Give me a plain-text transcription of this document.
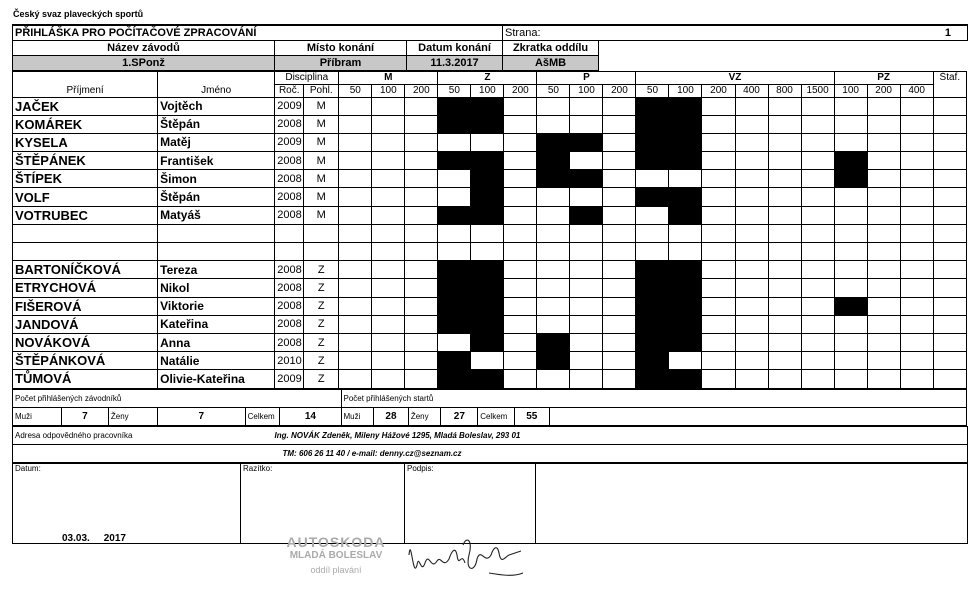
Český svaz plaveckých sportů
PŘIHLÁŠKA PRO POČÍTAČOVÉ ZPRACOVÁNÍ			Strana: 1	

Název závodů	Místo konání	Datum konání	Zkratka oddílu	
1.SPonž	Příbram	11.3.2017	AšMB	
		Disciplina		M			Z			P			VZ						PZ			Štaf.
Příjmení	Jméno	Roč.	Pohl.	50	100	200	50	100	200	50	100	200	50	100	200	400	800	1500	100	200	400	
JAČEK	Vojtěch	2009	M																			
KOMÁREK	Štěpán	2008	M																			
KYSELA	Matěj	2009	M																			
ŠTĚPÁNEK	František	2008	M																			
ŠTÍPEK	Šimon	2008	M																			
VOLF	Štěpán	2008	M																			
VOTRUBEC	Matyáš	2008	M																			

BARTONÍČKOVÁ	Tereza	2008	Z																			
ETRYCHOVÁ	Nikol	2008	Z																			
FIŠEROVÁ	Viktorie	2008	Z																			
JANDOVÁ	Kateřina	2008	Z																			
NOVÁKOVÁ	Anna	2008	Z																			
ŠTĚPÁNKOVÁ	Natálie	2010	Z																			
TŮMOVÁ	Olivie-Kateřina	2009	Z																			
Počet přihlášených závodníků						Počet přihlášených startů						
Muži	7	Ženy	7	Celkem	14	Muži	28	Ženy	27	Celkem	55	
Adresa odpovědného pracovníka	Ing. NOVÁK Zdeněk, Mileny Hážové 1295, Mladá Boleslav, 293 01
	TM: 606 26 11 40 / e-mail: denny.cz@seznam.cz
Datum:	Razítko:	Podpis:	
03.03.     2017	AUTOSKODA
MLADÁ BOLESLAV
oddíl plavání
